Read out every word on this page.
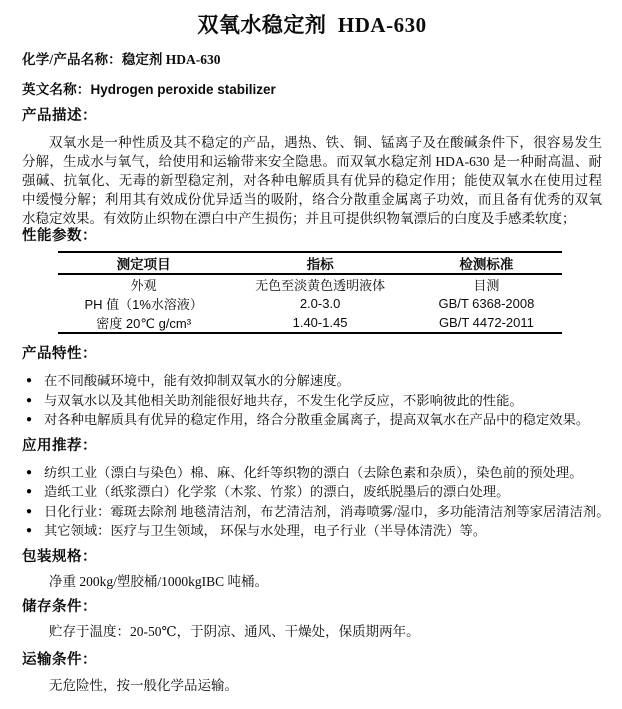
双氧水稳定剂  HDA-630

化学/产品名称：稳定剂 HDA-630

英文名称：Hydrogen peroxide stabilizer

产品描述：

双氧水是一种性质及其不稳定的产品，遇热、铁、铜、锰离子及在酸碱条件下，很容易发生分解，生成水与氧气，给使用和运输带来安全隐患。而双氧水稳定剂 HDA-630 是一种耐高温、耐强碱、抗氧化、无毒的新型稳定剂，对各种电解质具有优异的稳定作用；能使双氧水在使用过程中缓慢分解；利用其有效成份优异适当的吸附，络合分散重金属离子功效，而且备有优秀的双氧水稳定效果。有效防止织物在漂白中产生损伤；并且可提供织物氧漂后的白度及手感柔软度；

性能参数：
测定项目	指标	检测标准
外观	无色至淡黄色透明液体	目测
PH 值（1%水溶液）	2.0-3.0	GB/T 6368-2008
密度 20℃ g/cm³	1.40-1.45	GB/T 4472-2011
产品特性：
● 在不同酸碱环境中，能有效抑制双氧水的分解速度。
● 与双氧水以及其他相关助剂能很好地共存，不发生化学反应，不影响彼此的性能。
● 对各种电解质具有优异的稳定作用，络合分散重金属离子，提高双氧水在产品中的稳定效果。
应用推荐：
● 纺织工业（漂白与染色）棉、麻、化纤等织物的漂白（去除色素和杂质），染色前的预处理。
● 造纸工业（纸浆漂白）化学浆（木浆、竹浆）的漂白，废纸脱墨后的漂白处理。
● 日化行业：霉斑去除剂 地毯清洁剂，布艺清洁剂，消毒喷雾/湿巾，多功能清洁剂等家居清洁剂。
● 其它领域：医疗与卫生领域， 环保与水处理，电子行业（半导体清洗）等。
包装规格：

净重 200kg/塑胶桶/1000kgIBC 吨桶。

储存条件：

贮存于温度：20-50℃，于阴凉、通风、干燥处，保质期两年。

运输条件：

无危险性，按一般化学品运输。
